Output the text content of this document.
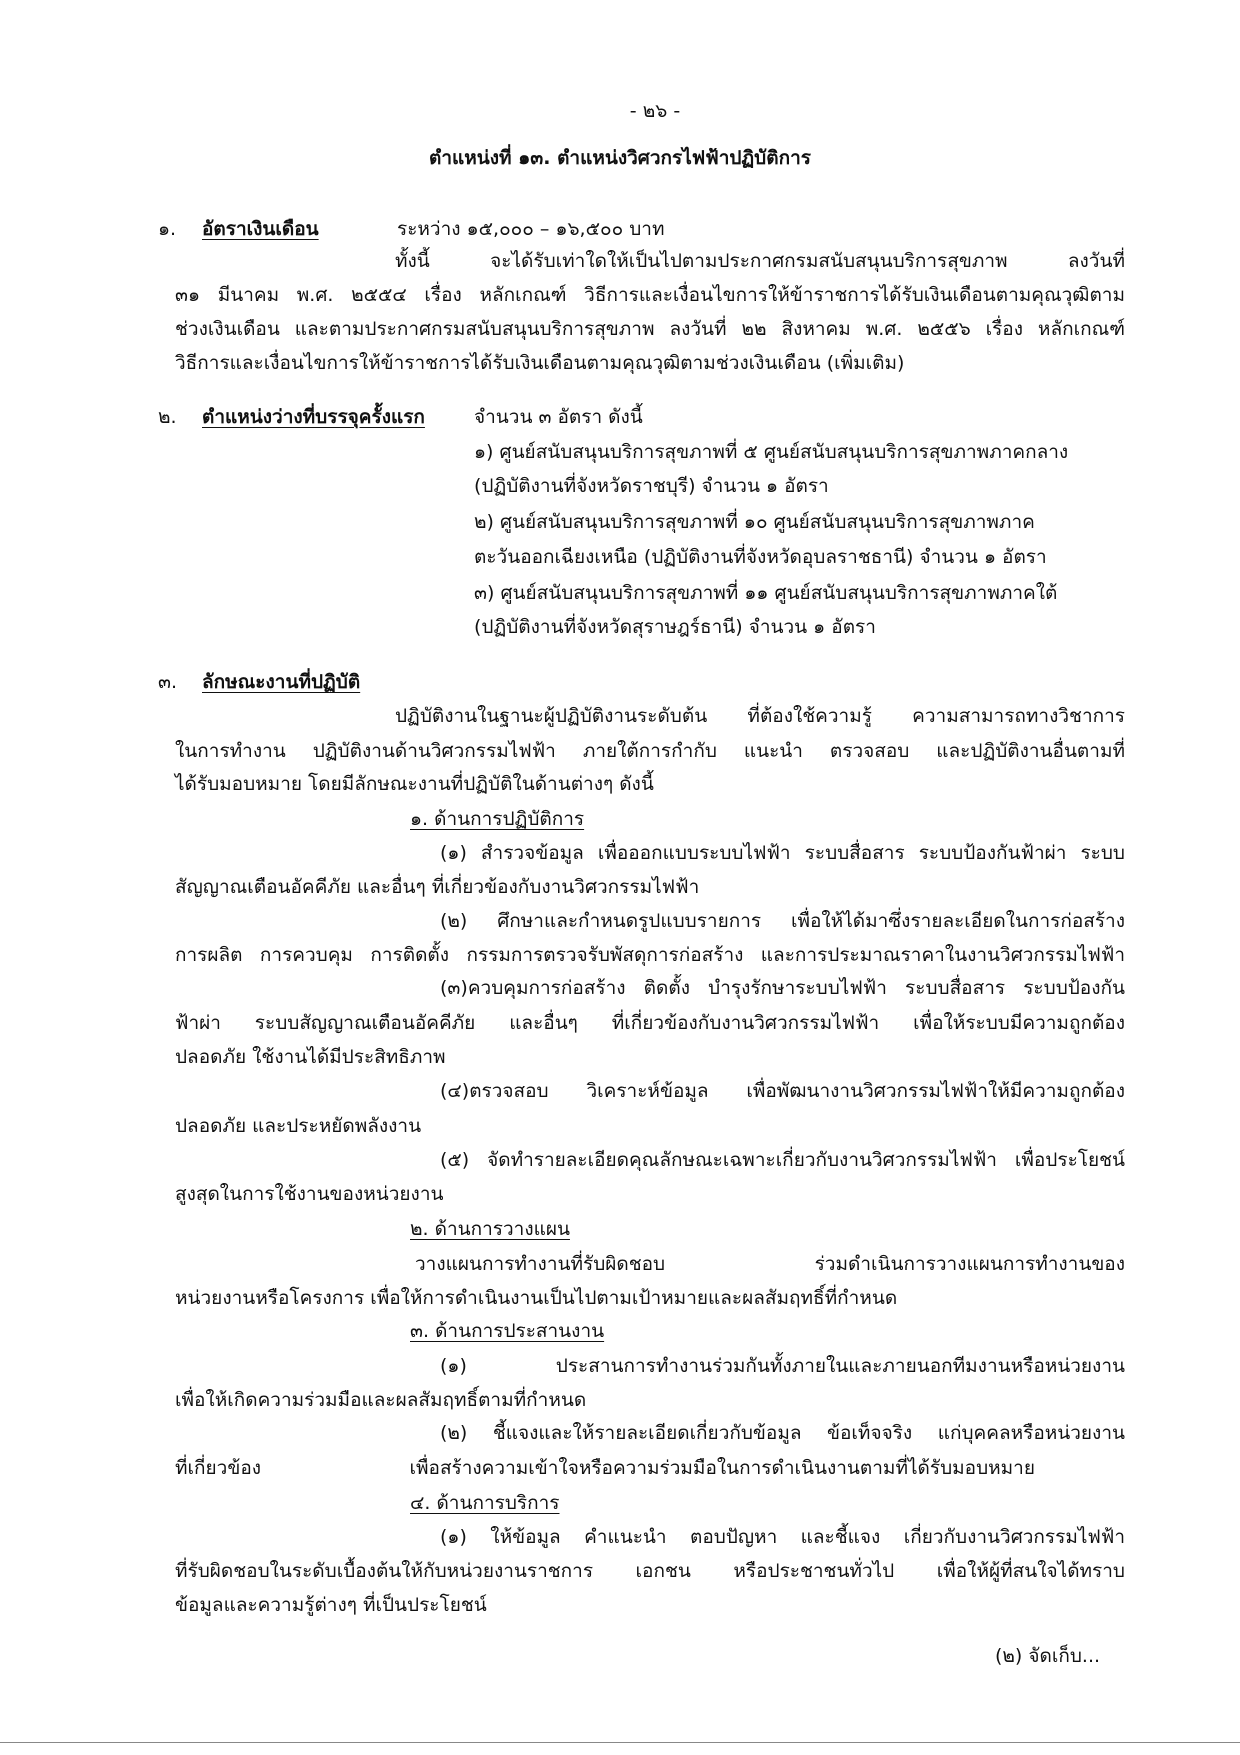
- ๒๖ -
ตำแหน่งที่ ๑๓. ตำแหน่งวิศวกรไฟฟ้าปฏิบัติการ
๑. อัตราเงินเดือน	ระหว่าง ๑๕,๐๐๐ – ๑๖,๕๐๐ บาท
ทั้งนี้ จะได้รับเท่าใดให้เป็นไปตามประกาศกรมสนับสนุนบริการสุขภาพ ลงวันที่
๓๑ มีนาคม พ.ศ. ๒๕๕๔ เรื่อง หลักเกณฑ์ วิธีการและเงื่อนไขการให้ข้าราชการได้รับเงินเดือนตามคุณวุฒิตาม
ช่วงเงินเดือน และตามประกาศกรมสนับสนุนบริการสุขภาพ ลงวันที่ ๒๒ สิงหาคม พ.ศ. ๒๕๕๖ เรื่อง หลักเกณฑ์
วิธีการและเงื่อนไขการให้ข้าราชการได้รับเงินเดือนตามคุณวุฒิตามช่วงเงินเดือน (เพิ่มเติม)
๒. ตำแหน่งว่างที่บรรจุครั้งแรก	จำนวน ๓ อัตรา ดังนี้
๑) ศูนย์สนับสนุนบริการสุขภาพที่ ๕ ศูนย์สนับสนุนบริการสุขภาพภาคกลาง
(ปฏิบัติงานที่จังหวัดราชบุรี) จำนวน ๑ อัตรา
๒) ศูนย์สนับสนุนบริการสุขภาพที่ ๑๐ ศูนย์สนับสนุนบริการสุขภาพภาค
ตะวันออกเฉียงเหนือ (ปฏิบัติงานที่จังหวัดอุบลราชธานี) จำนวน ๑ อัตรา
๓) ศูนย์สนับสนุนบริการสุขภาพที่ ๑๑ ศูนย์สนับสนุนบริการสุขภาพภาคใต้
(ปฏิบัติงานที่จังหวัดสุราษฎร์ธานี) จำนวน ๑ อัตรา
๓. ลักษณะงานที่ปฏิบัติ
ปฏิบัติงานในฐานะผู้ปฏิบัติงานระดับต้น ที่ต้องใช้ความรู้ ความสามารถทางวิชาการ
ในการทำงาน ปฏิบัติงานด้านวิศวกรรมไฟฟ้า ภายใต้การกำกับ แนะนำ ตรวจสอบ และปฏิบัติงานอื่นตามที่
ได้รับมอบหมาย โดยมีลักษณะงานที่ปฏิบัติในด้านต่างๆ ดังนี้
๑. ด้านการปฏิบัติการ
(๑) สำรวจข้อมูล เพื่อออกแบบระบบไฟฟ้า ระบบสื่อสาร ระบบป้องกันฟ้าผ่า ระบบ
สัญญาณเตือนอัคคีภัย และอื่นๆ ที่เกี่ยวข้องกับงานวิศวกรรมไฟฟ้า
(๒) ศึกษาและกำหนดรูปแบบรายการ เพื่อให้ได้มาซึ่งรายละเอียดในการก่อสร้าง
การผลิต การควบคุม การติดตั้ง กรรมการตรวจรับพัสดุการก่อสร้าง และการประมาณราคาในงานวิศวกรรมไฟฟ้า
(๓)ควบคุมการก่อสร้าง ติดตั้ง บำรุงรักษาระบบไฟฟ้า ระบบสื่อสาร ระบบป้องกัน
ฟ้าผ่า ระบบสัญญาณเตือนอัคคีภัย และอื่นๆ ที่เกี่ยวข้องกับงานวิศวกรรมไฟฟ้า เพื่อให้ระบบมีความถูกต้อง
ปลอดภัย ใช้งานได้มีประสิทธิภาพ
(๔)ตรวจสอบ วิเคราะห์ข้อมูล เพื่อพัฒนางานวิศวกรรมไฟฟ้าให้มีความถูกต้อง
ปลอดภัย และประหยัดพลังงาน
(๕) จัดทำรายละเอียดคุณลักษณะเฉพาะเกี่ยวกับงานวิศวกรรมไฟฟ้า เพื่อประโยชน์
สูงสุดในการใช้งานของหน่วยงาน
๒. ด้านการวางแผน
วางแผนการทำงานที่รับผิดชอบ ร่วมดำเนินการวางแผนการทำงานของ
หน่วยงานหรือโครงการ เพื่อให้การดำเนินงานเป็นไปตามเป้าหมายและผลสัมฤทธิ์ที่กำหนด
๓. ด้านการประสานงาน
(๑) ประสานการทำงานร่วมกันทั้งภายในและภายนอกทีมงานหรือหน่วยงาน
เพื่อให้เกิดความร่วมมือและผลสัมฤทธิ์ตามที่กำหนด
(๒) ชี้แจงและให้รายละเอียดเกี่ยวกับข้อมูล ข้อเท็จจริง แก่บุคคลหรือหน่วยงาน
ที่เกี่ยวข้อง เพื่อสร้างความเข้าใจหรือความร่วมมือในการดำเนินงานตามที่ได้รับมอบหมาย
๔. ด้านการบริการ
(๑) ให้ข้อมูล คำแนะนำ ตอบปัญหา และชี้แจง เกี่ยวกับงานวิศวกรรมไฟฟ้า
ที่รับผิดชอบในระดับเบื้องต้นให้กับหน่วยงานราชการ เอกชน หรือประชาชนทั่วไป เพื่อให้ผู้ที่สนใจได้ทราบ
ข้อมูลและความรู้ต่างๆ ที่เป็นประโยชน์
(๒) จัดเก็บ...
